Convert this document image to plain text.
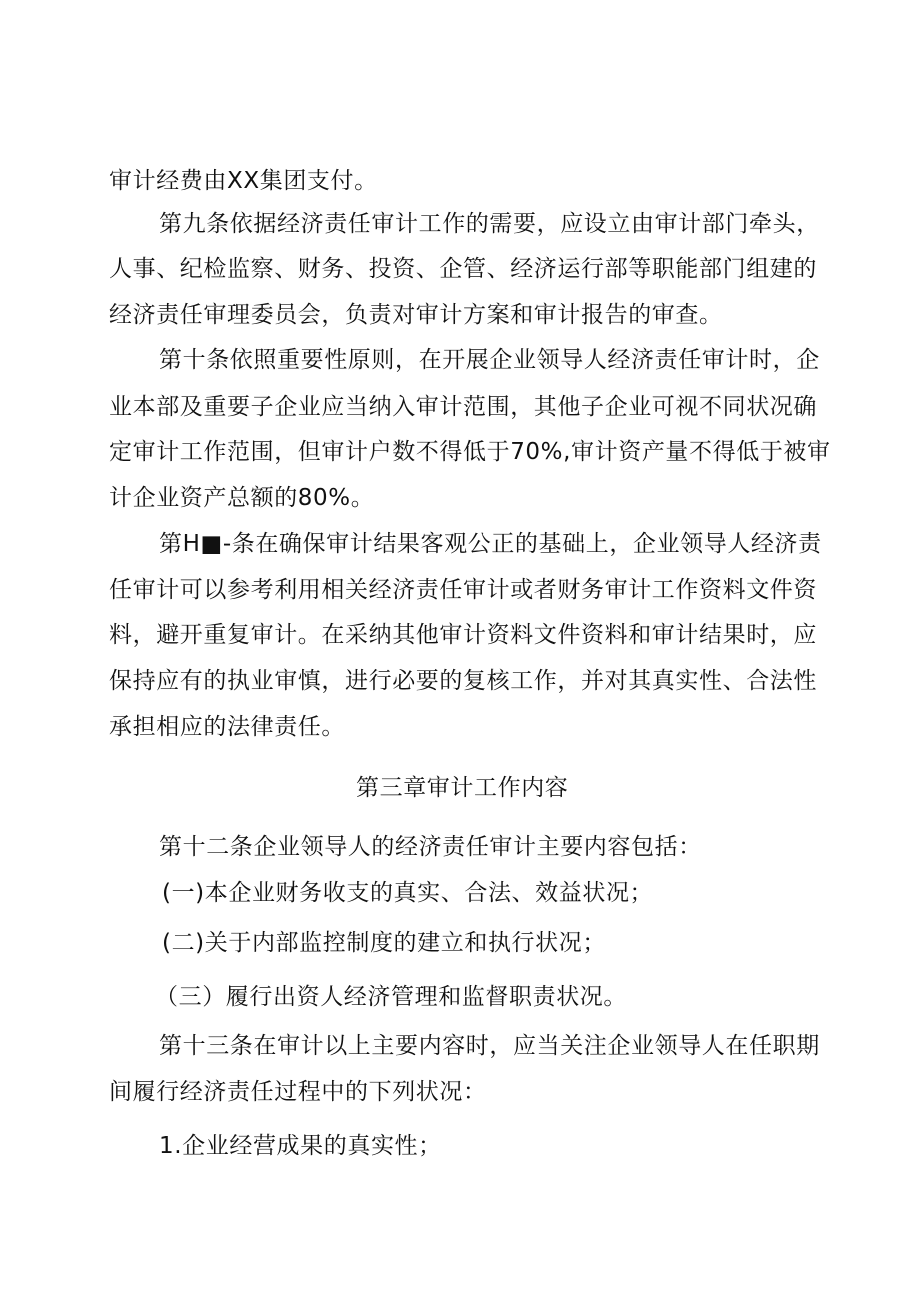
审计经费由XX集团支付。
第九条依据经济责任审计工作的需要，应设立由审计部门牵头，
人事、纪检监察、财务、投资、企管、经济运行部等职能部门组建的
经济责任审理委员会，负责对审计方案和审计报告的审查。
第十条依照重要性原则，在开展企业领导人经济责任审计时，企
业本部及重要子企业应当纳入审计范围，其他子企业可视不同状况确
定审计工作范围，但审计户数不得低于70%,审计资产量不得低于被审
计企业资产总额的80%。
第H■-条在确保审计结果客观公正的基础上，企业领导人经济责
任审计可以参考利用相关经济责任审计或者财务审计工作资料文件资
料，避开重复审计。在采纳其他审计资料文件资料和审计结果时，应
保持应有的执业审慎，进行必要的复核工作，并对其真实性、合法性
承担相应的法律责任。
第三章审计工作内容
第十二条企业领导人的经济责任审计主要内容包括：
(一)本企业财务收支的真实、合法、效益状况；
(二)关于内部监控制度的建立和执行状况；
（三）履行出资人经济管理和监督职责状况。
第十三条在审计以上主要内容时，应当关注企业领导人在任职期
间履行经济责任过程中的下列状况：
1.企业经营成果的真实性；
